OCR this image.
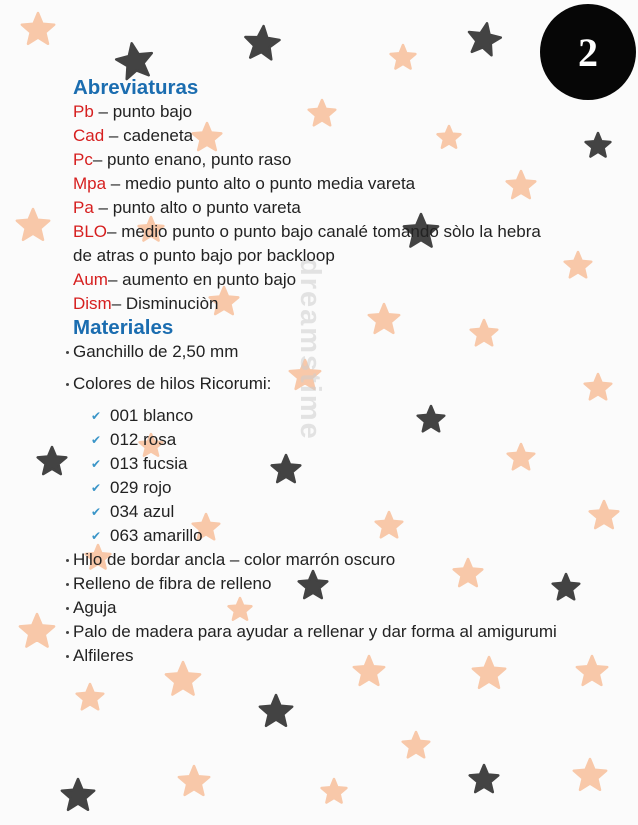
2
dreamstime
Abreviaturas
Pb – punto bajo
Cad – cadeneta
Pc– punto enano, punto raso
Mpa – medio punto alto o punto media vareta
Pa – punto alto o punto vareta
BLO– medio punto o punto bajo canalé tomando sòlo la hebra de atras o punto bajo por backloop
Aum– aumento en punto bajo
Dism– Disminuciòn
Materiales
Ganchillo de 2,50 mm
Colores de hilos Ricorumi:
✔ 001 blanco
✔ 012 rosa
✔ 013 fucsia
✔ 029 rojo
✔ 034 azul
✔ 063 amarillo
Hilo de bordar ancla – color marrón oscuro
Relleno de fibra de relleno
Aguja
Palo de madera para ayudar a rellenar y dar forma al amigurumi
Alfileres
